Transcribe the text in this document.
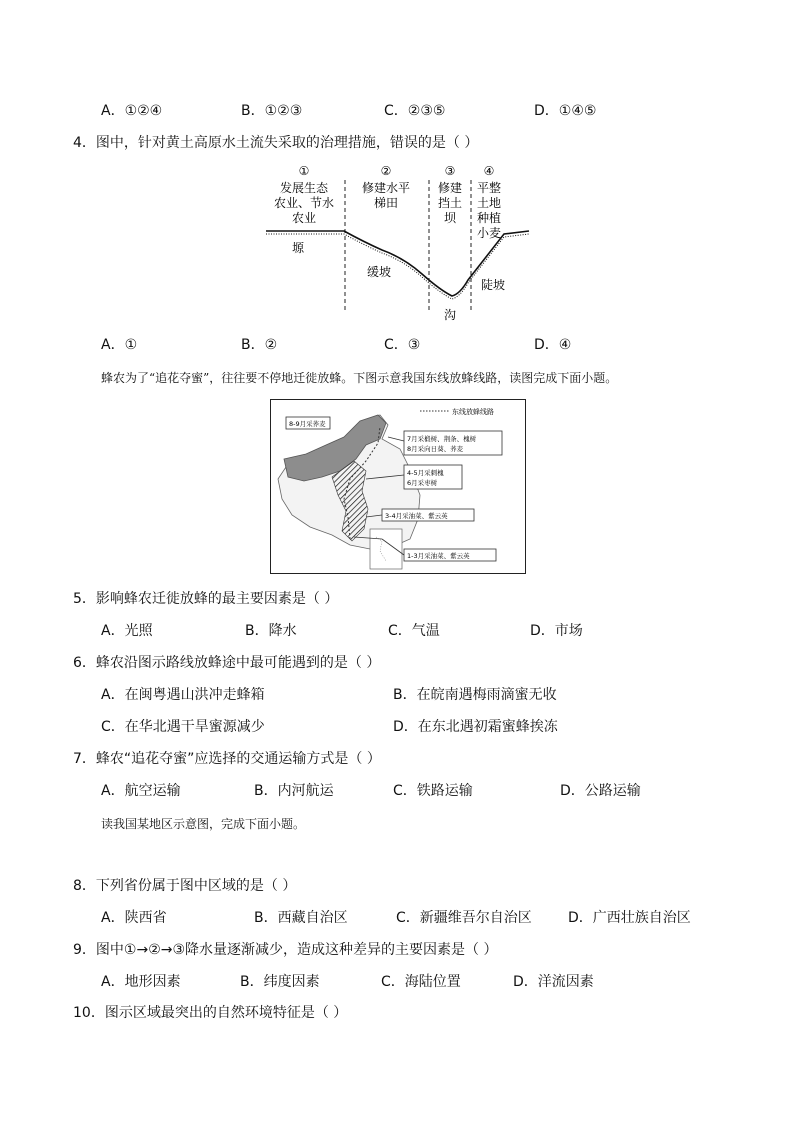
A．①②④	B．①②③	C．②③⑤	D．①④⑤
4．图中，针对黄土高原水土流失采取的治理措施，错误的是（ ）
①	②	③ ④
发展生态
农业、节水
农业
修建水平
梯田
修建
挡土
坝
平整
土地
种植
小麦
塬
缓坡
陡坡
沟
A．①	B．②	C．③	D．④
蜂农为了“追花夺蜜”，往往要不停地迁徙放蜂。下图示意我国东线放蜂线路，读图完成下面小题。
东线放蜂线路
8-9月采荞麦
7月采椴树、荆条、槐树
8月采向日葵、荞麦
4-5月采刺槐
6月采枣树
3-4月采油菜、紫云英
1-3月采油菜、紫云英
5．影响蜂农迁徙放蜂的最主要因素是（ ）
A．光照	B．降水	C．气温	D．市场
6．蜂农沿图示路线放蜂途中最可能遇到的是（ ）
A．在闽粤遇山洪冲走蜂箱	B．在皖南遇梅雨滴蜜无收
C．在华北遇干旱蜜源减少	D．在东北遇初霜蜜蜂挨冻
7．蜂农“追花夺蜜”应选择的交通运输方式是（ ）
A．航空运输	B．内河航运	C．铁路运输	D．公路运输
读我国某地区示意图，完成下面小题。
8．下列省份属于图中区域的是（ ）
A．陕西省	B．西藏自治区	C．新疆维吾尔自治区	D．广西壮族自治区
9．图中①→②→③降水量逐渐减少，造成这种差异的主要因素是（ ）
A．地形因素	B．纬度因素	C．海陆位置	D．洋流因素
10．图示区域最突出的自然环境特征是（ ）
